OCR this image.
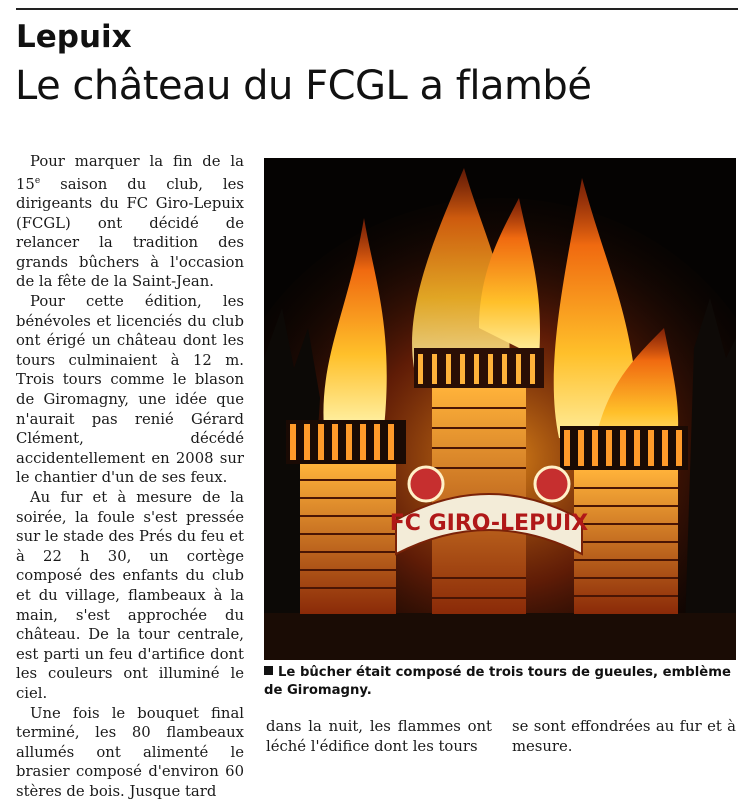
Lepuix
Le château du FCGL a flambé

Pour marquer la fin de la 15e saison du club, les dirigeants du FC Giro-Lepuix (FCGL) ont décidé de relancer la tradition des grands bûchers à l'occasion de la fête de la Saint-Jean.

Pour cette édition, les bénévoles et licenciés du club ont érigé un château dont les tours culminaient à 12 m. Trois tours comme le blason de Giromagny, une idée que n'aurait pas renié Gérard Clément, décédé accidentellement en 2008 sur le chantier d'un de ses feux.

Au fur et à mesure de la soirée, la foule s'est pressée sur le stade des Prés du feu et à 22 h 30, un cortège composé des enfants du club et du village, flambeaux à la main, s'est approchée du château. De la tour centrale, est parti un feu d'artifice dont les couleurs ont illuminé le ciel.

Une fois le bouquet final terminé, les 80 flambeaux allumés ont alimenté le brasier composé d'environ 60 stères de bois. Jusque tard

FC GIRO-LEPUIX
Le bûcher était composé de trois tours de gueules, emblème de Giromagny.

dans la nuit, les flammes ont léché l'édifice dont les tours

se sont effondrées au fur et à mesure.
